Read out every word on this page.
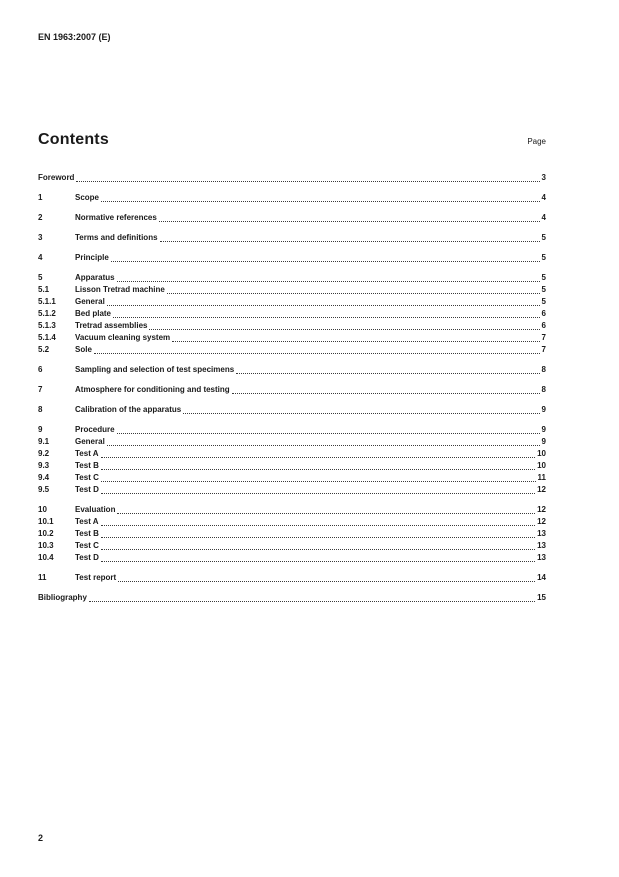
EN 1963:2007 (E)
Contents	Page
Foreword	3
1	Scope	4
2	Normative references	4
3	Terms and definitions	5
4	Principle	5
5	Apparatus	5
5.1	Lisson Tretrad machine	5
5.1.1	General	5
5.1.2	Bed plate	6
5.1.3	Tretrad assemblies	6
5.1.4	Vacuum cleaning system	7
5.2	Sole	7
6	Sampling and selection of test specimens	8
7	Atmosphere for conditioning and testing	8
8	Calibration of the apparatus	9
9	Procedure	9
9.1	General	9
9.2	Test A	10
9.3	Test B	10
9.4	Test C	11
9.5	Test D	12
10	Evaluation	12
10.1	Test A	12
10.2	Test B	13
10.3	Test C	13
10.4	Test D	13
11	Test report	14
Bibliography	15
2
